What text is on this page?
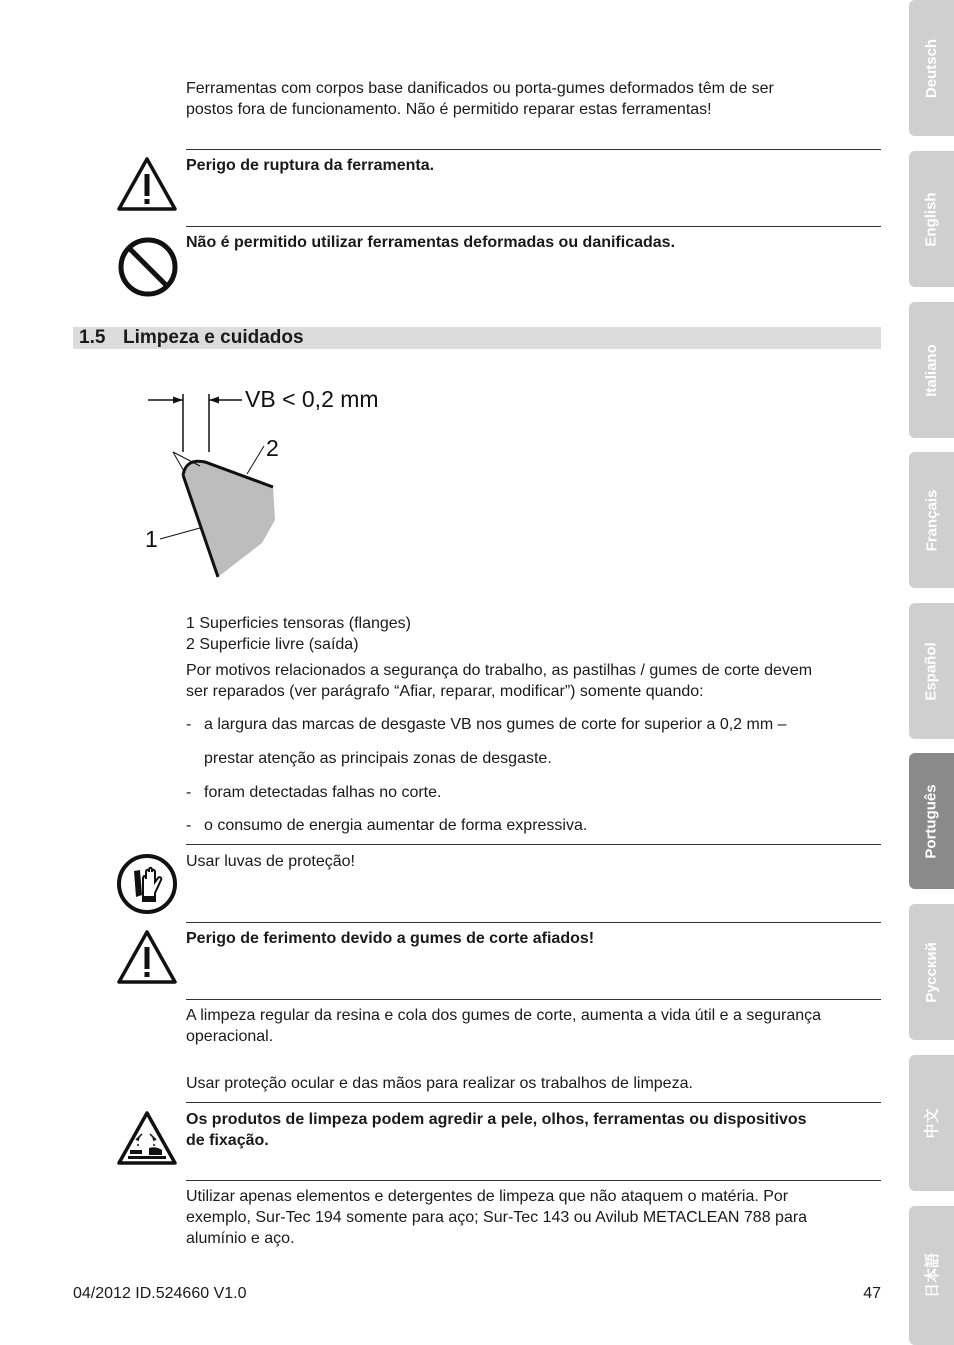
Ferramentas com corpos base danificados ou porta-gumes deformados têm de ser
postos fora de funcionamento. Não é permitido reparar estas ferramentas!
Perigo de ruptura da ferramenta.
Não é permitido utilizar ferramentas deformadas ou danificadas.
1.5 Limpeza e cuidados
VB < 0,2 mm
2
1
1 Superficies tensoras (flanges)
2 Superficie livre (saída)
Por motivos relacionados a segurança do trabalho, as pastilhas / gumes de corte devem
ser reparados (ver parágrafo “Afiar, reparar, modificar”) somente quando:
- a largura das marcas de desgaste VB nos gumes de corte for superior a 0,2 mm –
prestar atenção as principais zonas de desgaste.
- foram detectadas falhas no corte.
- o consumo de energia aumentar de forma expressiva.
Usar luvas de proteção!
Perigo de ferimento devido a gumes de corte afiados!
A limpeza regular da resina e cola dos gumes de corte, aumenta a vida útil e a segurança
operacional.
Usar proteção ocular e das mãos para realizar os trabalhos de limpeza.
Os produtos de limpeza podem agredir a pele, olhos, ferramentas ou dispositivos
de fixação.
Utilizar apenas elementos e detergentes de limpeza que não ataquem o matéria. Por
exemplo, Sur-Tec 194 somente para aço; Sur-Tec 143 ou Avilub METACLEAN 788 para
alumínio e aço.
04/2012 ID.524660 V1.0	47
Deutsch
English
Italiano
Français
Español
Português
Русский
中文
日本語
